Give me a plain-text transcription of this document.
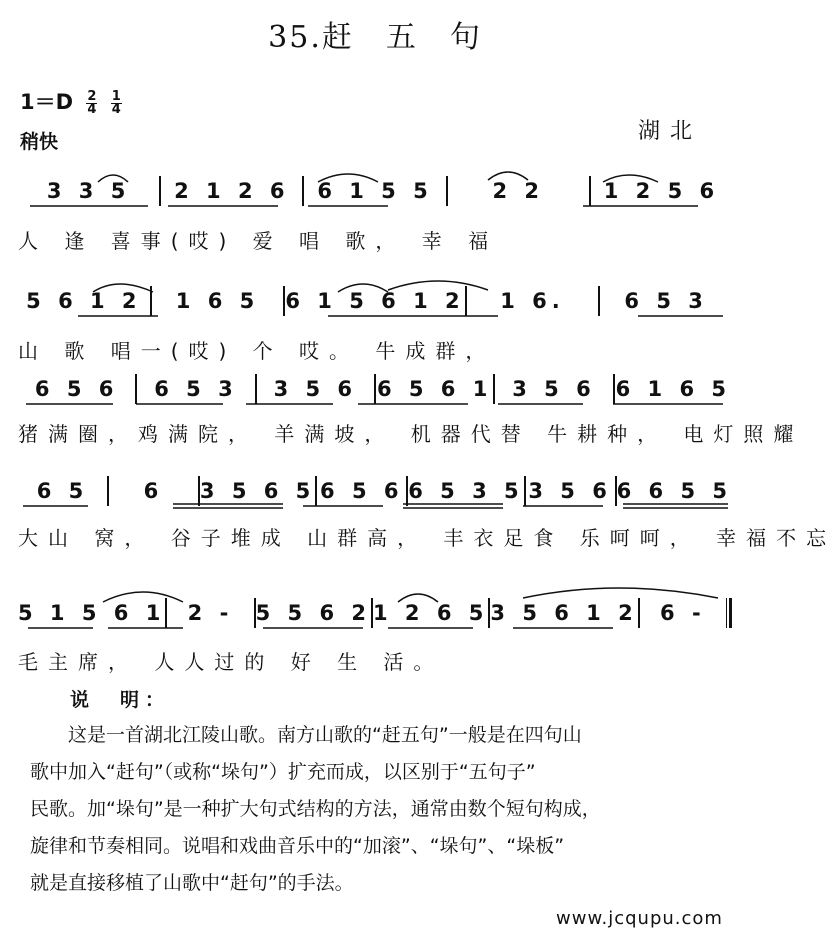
35.赶　五　句
$1=D \frac{2}{4} \frac{1}{4}$
稍快	湖北
3 3 5	2 1 2 6	6 1 5 5	2 2	1 2 5 6
人 逢 喜事(哎) 爱 唱 歌， 幸 福
5 6 1 2	1 6 5	6 1 5 6 1 2	1 6.	6 5 3
山 歌 唱一(哎) 个 哎。 牛成群，
6 5 6	6 5 3	3 5 6 6 5 6 1 3 5 6 6 1 6 5
猪满圈，鸡满院， 羊满坡， 机器代替 牛耕种， 电灯照耀
6 5	6	3 5 6 5 6 5 6 6 5 3 5 3 5 6 6 6 5 5
大山 窝， 谷子堆成 山群高， 丰衣足食 乐呵呵， 幸福不忘
5 1 5 6 1	2 -	5 5 6 2 1 2 6 5 3 5 6 1 2	6 -
毛主席， 人人过的 好 生 活。
说　明：
这是一首湖北江陵山歌。南方山歌的“赶五句”一般是在四句山
歌中加入“赶句”（或称“垛句”）扩充而成，以区别于“五句子”
民歌。加“垛句”是一种扩大句式结构的方法，通常由数个短句构成，
旋律和节奏相同。说唱和戏曲音乐中的“加滚”、“垛句”、“垛板”
就是直接移植了山歌中“赶句”的手法。
www.jcqupu.com
